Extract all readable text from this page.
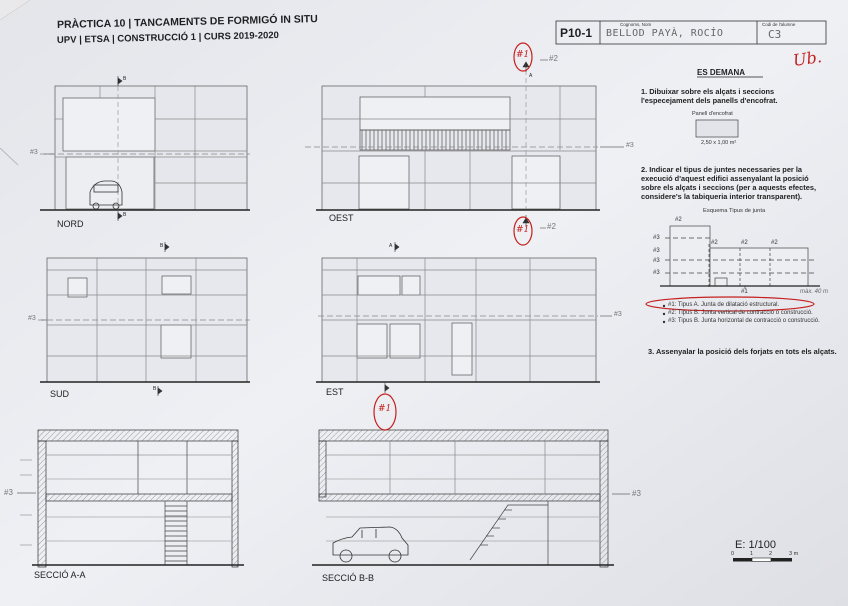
PRÀCTICA 10 | TANCAMENTS DE FORMIGÓ IN SITU
UPV | ETSA | CONSTRUCCIÓ 1 | CURS 2019-2020	P10-1
Cognoms, Nom
BELLOD PAYÀ, ROCÍO
Codi de l'alumne
C3
NORD
OEST
SUD	EST
SECCIÓ A-A	SECCIÓ B-B
B
B
A
B
B
A
#3
#3
#2
#2
#3
#3
#3	#3
#1
#1
#1
Ub.
ES DEMANA
1. Dibuixar sobre els alçats i seccions
l'especejament dels panells d'encofrat.
Panell d'encofrat
2,50 x 1,00 m²
2. Indicar el tipus de juntes necessaries per la
execució d'aquest edifici assenyalant la posició
sobre els alçats i seccions (per a aquests efectes,
considere's la tabiqueria interior transparent).
Esquema Tipus de junta
#2
#2	#2	#2
#3
#3
#3
#3
#1	màx. 40 m
#1: Tipus A. Junta de dilatació estructural.
#2: Tipus B. Junta vertical de contracció o construcció.
#3: Tipus B. Junta horizontal de contracció o construcció.
3. Assenyalar la posició dels forjats en tots els alçats.
E: 1/100
0	1	2	3 m
